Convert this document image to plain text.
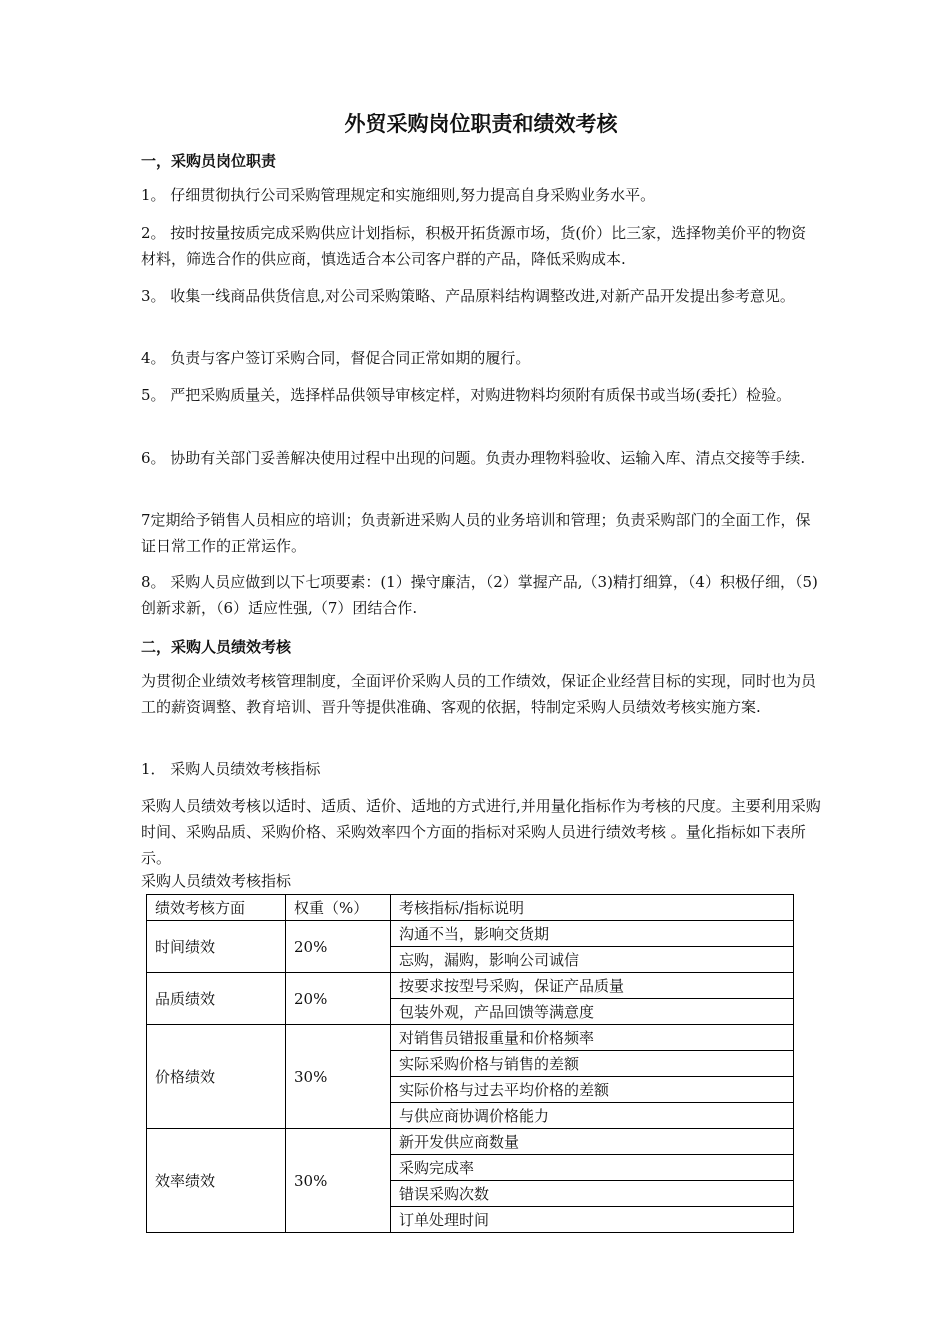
外贸采购岗位职责和绩效考核
一，采购员岗位职责
1。 仔细贯彻执行公司采购管理规定和实施细则,努力提高自身采购业务水平。
2。 按时按量按质完成采购供应计划指标，积极开拓货源市场，货(价）比三家，选择物美价平的物资材料，筛选合作的供应商，慎选适合本公司客户群的产品，降低采购成本.
3。 收集一线商品供货信息,对公司采购策略、产品原料结构调整改进,对新产品开发提出参考意见。
4。 负责与客户签订采购合同，督促合同正常如期的履行。
5。 严把采购质量关，选择样品供领导审核定样，对购进物料均须附有质保书或当场(委托）检验。
6。 协助有关部门妥善解决使用过程中出现的问题。负责办理物料验收、运输入库、清点交接等手续.
7定期给予销售人员相应的培训；负责新进采购人员的业务培训和管理；负责采购部门的全面工作，保证日常工作的正常运作。
8。 采购人员应做到以下七项要素：(1）操守廉洁，（2）掌握产品,（3)精打细算，（4）积极仔细，（5)创新求新，（6）适应性强,（7）团结合作.
二，采购人员绩效考核
为贯彻企业绩效考核管理制度，全面评价采购人员的工作绩效，保证企业经营目标的实现，同时也为员工的薪资调整、教育培训、晋升等提供准确、客观的依据，特制定采购人员绩效考核实施方案.
1． 采购人员绩效考核指标
采购人员绩效考核以适时、适质、适价、适地的方式进行,并用量化指标作为考核的尺度。主要利用采购时间、采购品质、采购价格、采购效率四个方面的指标对采购人员进行绩效考核 。量化指标如下表所示。
采购人员绩效考核指标
绩效考核方面	权重（%）	考核指标/指标说明
时间绩效	20%	沟通不当，影响交货期
		忘购，漏购，影响公司诚信
品质绩效	20%	按要求按型号采购，保证产品质量
		包装外观，产品回馈等满意度
价格绩效	30%	对销售员错报重量和价格频率
		实际采购价格与销售的差额
		实际价格与过去平均价格的差额
		与供应商协调价格能力
效率绩效	30%	新开发供应商数量
		采购完成率
		错误采购次数
		订单处理时间
